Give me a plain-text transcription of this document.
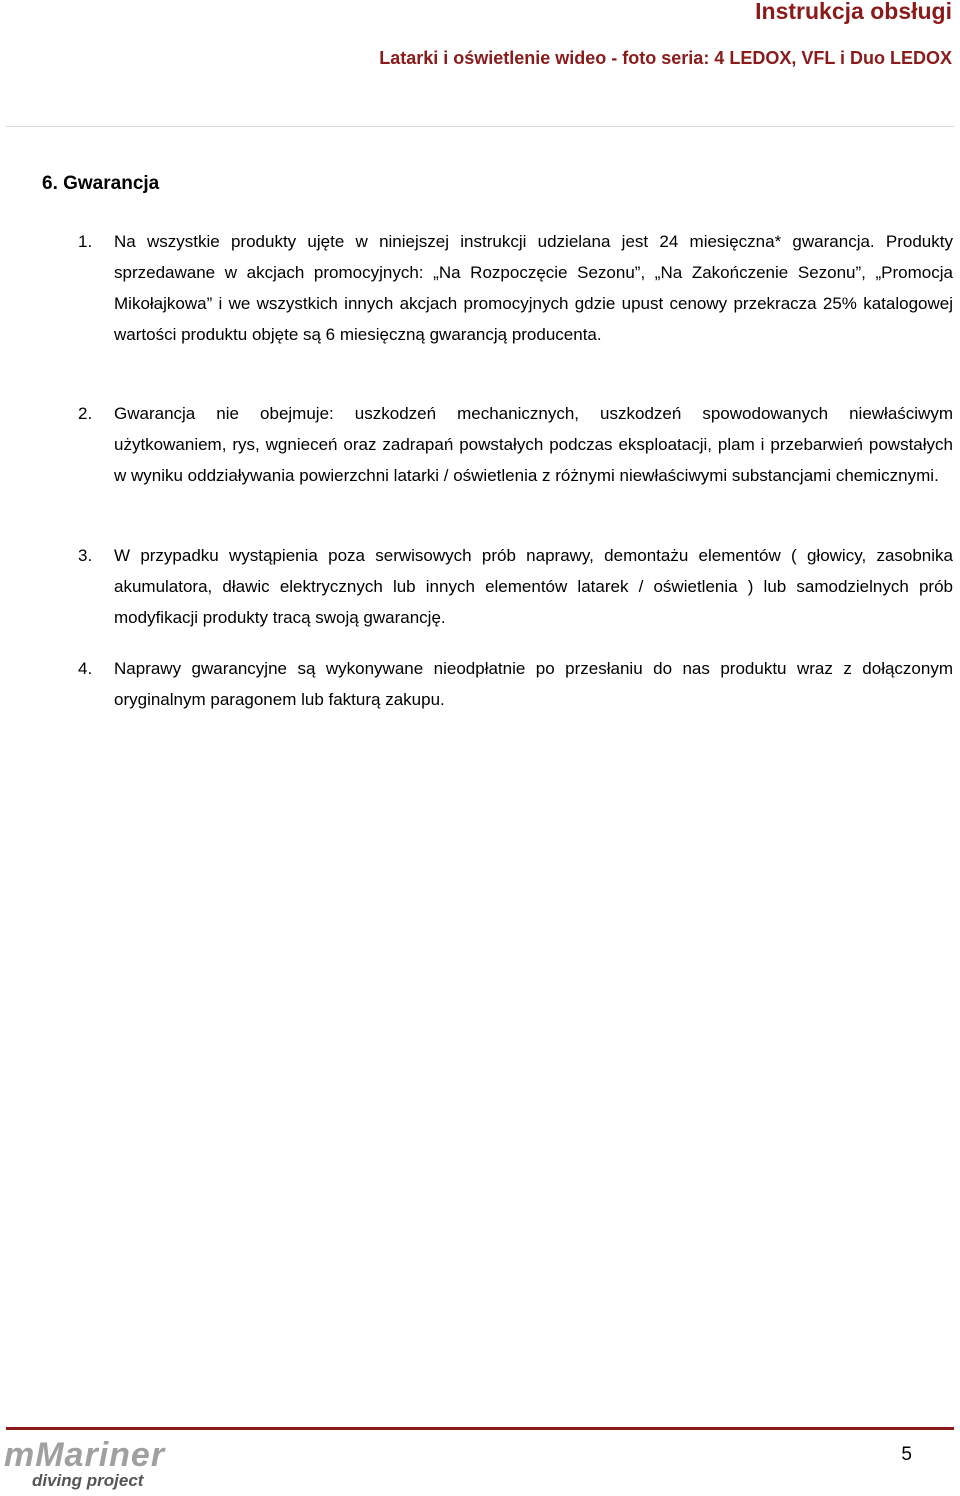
Instrukcja obsługi
Latarki i oświetlenie wideo - foto seria: 4 LEDOX, VFL i Duo LEDOX
6. Gwarancja
1. Na wszystkie produkty ujęte w niniejszej instrukcji udzielana jest 24 miesięczna* gwarancja. Produkty sprzedawane w akcjach promocyjnych: „Na Rozpoczęcie Sezonu”, „Na Zakończenie Sezonu”, „Promocja Mikołajkowa” i we wszystkich innych akcjach promocyjnych gdzie upust cenowy przekracza 25% katalogowej wartości produktu objęte są 6 miesięczną gwarancją producenta.
2. Gwarancja nie obejmuje: uszkodzeń mechanicznych, uszkodzeń spowodowanych niewłaściwym użytkowaniem, rys, wgnieceń oraz zadrapań powstałych podczas eksploatacji, plam i przebarwień powstałych w wyniku oddziaływania powierzchni latarki / oświetlenia z różnymi niewłaściwymi substancjami chemicznymi.
3. W przypadku wystąpienia poza serwisowych prób naprawy, demontażu elementów ( głowicy, zasobnika akumulatora, dławic elektrycznych lub innych elementów latarek / oświetlenia ) lub samodzielnych prób modyfikacji produkty tracą swoją gwarancję.
4. Naprawy gwarancyjne są wykonywane nieodpłatnie po przesłaniu do nas produktu wraz z dołączonym oryginalnym paragonem lub fakturą zakupu.
mMariner
diving project
5
